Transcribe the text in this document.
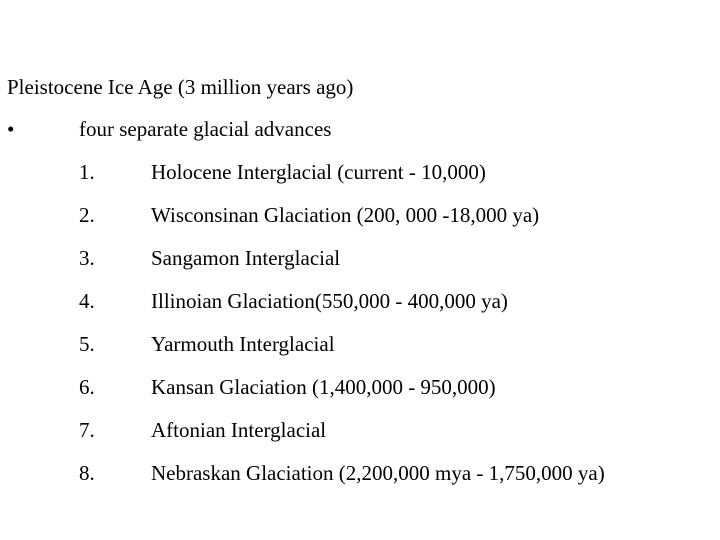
Pleistocene Ice Age (3 million years ago)
•	four separate glacial advances
1.	Holocene Interglacial (current - 10,000)
2.	Wisconsinan Glaciation (200, 000 -18,000 ya)
3.	Sangamon Interglacial
4.	Illinoian Glaciation(550,000 - 400,000 ya)
5.	Yarmouth Interglacial
6.	Kansan Glaciation (1,400,000 - 950,000)
7.	Aftonian Interglacial
8.	Nebraskan Glaciation (2,200,000 mya - 1,750,000 ya)
